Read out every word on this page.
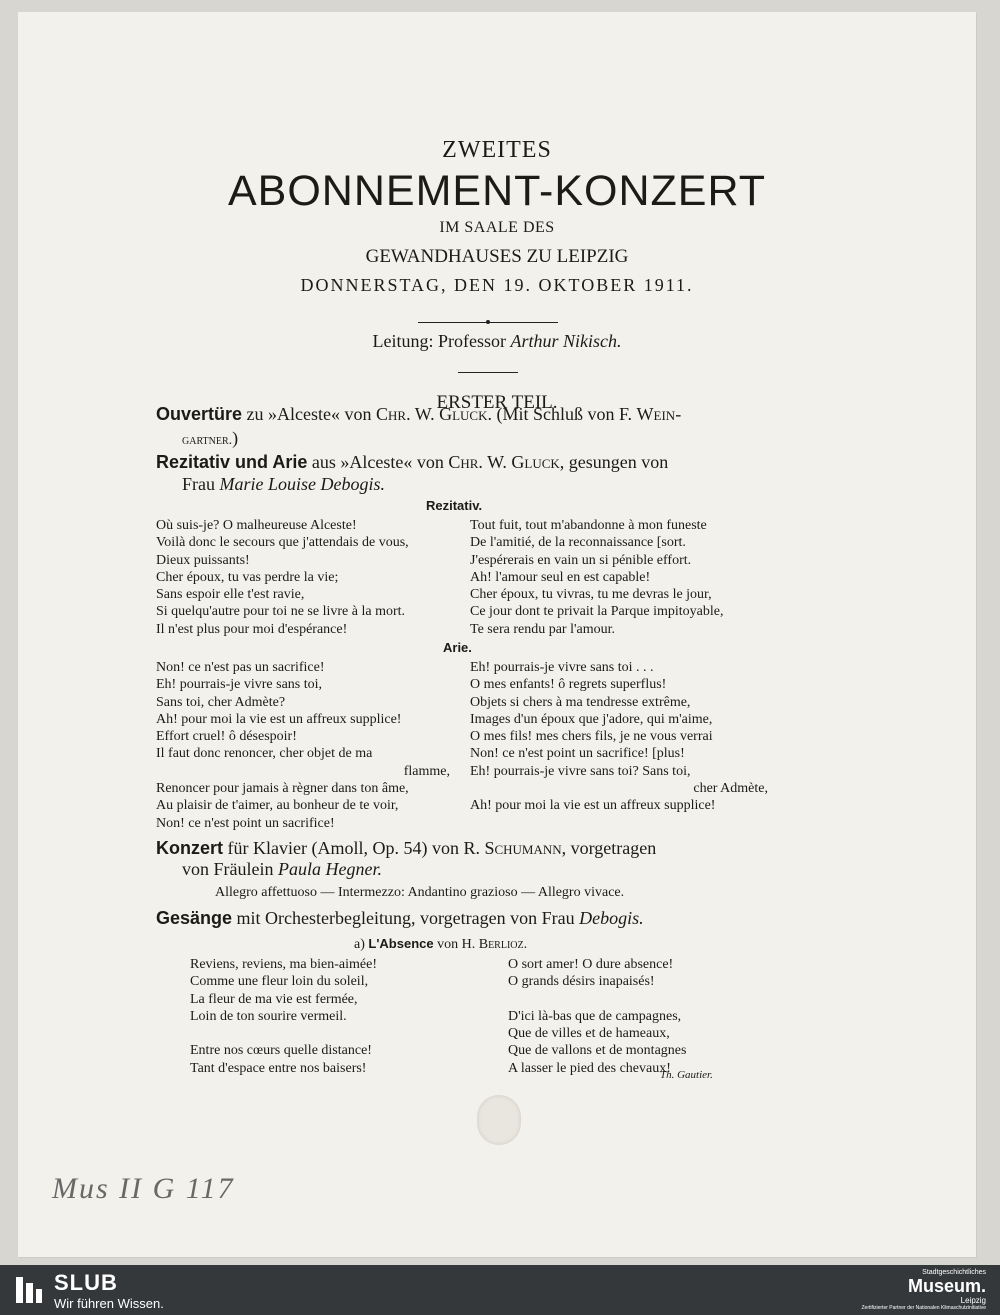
ZWEITES
ABONNEMENT-KONZERT
IM SAALE DES
GEWANDHAUSES ZU LEIPZIG
DONNERSTAG, DEN 19. OKTOBER 1911.
Leitung: Professor Arthur Nikisch.
ERSTER TEIL.
Ouvertüre zu »Alceste« von Chr. W. Gluck. (Mit Schluß von F. Wein-
gartner.)
Rezitativ und Arie aus »Alceste« von Chr. W. Gluck, gesungen von
Frau Marie Louise Debogis.
Rezitativ.
Où suis-je? O malheureuse Alceste!
Voilà donc le secours que j'attendais de vous,
Dieux puissants!
Cher époux, tu vas perdre la vie;
Sans espoir elle t'est ravie,
Si quelqu'autre pour toi ne se livre à la mort.
Il n'est plus pour moi d'espérance!
Tout fuit, tout m'abandonne à mon funeste
De l'amitié, de la reconnaissance [sort.
J'espérerais en vain un si pénible effort.
Ah! l'amour seul en est capable!
Cher époux, tu vivras, tu me devras le jour,
Ce jour dont te privait la Parque impitoyable,
Te sera rendu par l'amour.
Arie.
Non! ce n'est pas un sacrifice!
Eh! pourrais-je vivre sans toi,
Sans toi, cher Admète?
Ah! pour moi la vie est un affreux supplice!
Effort cruel! ô désespoir!
Il faut donc renoncer, cher objet de ma
flamme,
Renoncer pour jamais à règner dans ton âme,
Au plaisir de t'aimer, au bonheur de te voir,
Non! ce n'est point un sacrifice!
Eh! pourrais-je vivre sans toi . . .
O mes enfants! ô regrets superflus!
Objets si chers à ma tendresse extrême,
Images d'un époux que j'adore, qui m'aime,
O mes fils! mes chers fils, je ne vous verrai
Non! ce n'est point un sacrifice! [plus!
Eh! pourrais-je vivre sans toi? Sans toi,
cher Admète,
Ah! pour moi la vie est un affreux supplice!
Konzert für Klavier (Amoll, Op. 54) von R. Schumann, vorgetragen
von Fräulein Paula Hegner.
Allegro affettuoso — Intermezzo: Andantino grazioso — Allegro vivace.
Gesänge mit Orchesterbegleitung, vorgetragen von Frau Debogis.
a) L'Absence von H. Berlioz.
Reviens, reviens, ma bien-aimée!
Comme une fleur loin du soleil,
La fleur de ma vie est fermée,
Loin de ton sourire vermeil.
Entre nos cœurs quelle distance!
Tant d'espace entre nos baisers!
O sort amer! O dure absence!
O grands désirs inapaisés!
D'ici là-bas que de campagnes,
Que de villes et de hameaux,
Que de vallons et de montagnes
A lasser le pied des chevaux!
Th. Gautier.
Mus II G 117
SLUB
Wir führen Wissen.
Stadtgeschichtliches
Museum.
Leipzig
Zertifizierter Partner der Nationalen Klimaschutzinitiative
